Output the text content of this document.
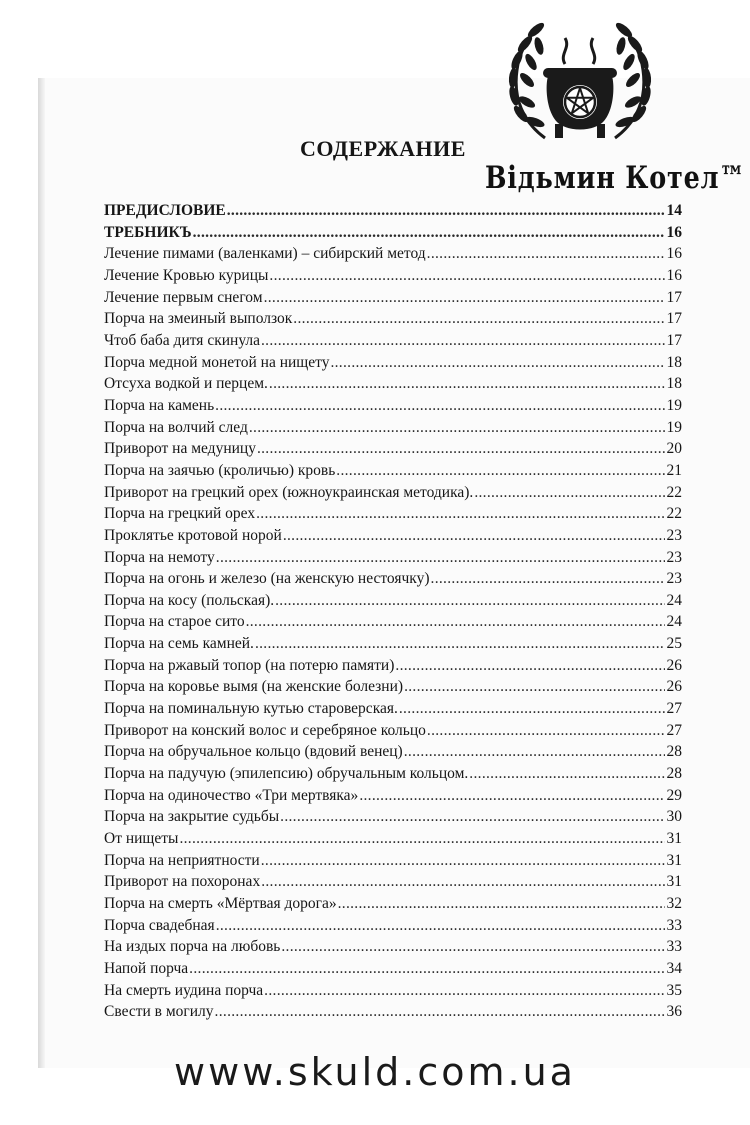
Відьмин Котел™
СОДЕРЖАНИЕ
ПРЕДИСЛОВИЕ .....	14
ТРЕБНИКЪ .....	16
Лечение пимами (валенками) – сибирский метод .....	16
Лечение Кровью курицы .....	16
Лечение первым снегом .....	17
Порча на змеиный выползок .....	17
Чтоб баба дитя скинула .....	17
Порча медной монетой на нищету .....	18
Отсуха водкой и перцем. .....	18
Порча на камень .....	19
Порча на волчий след .....	19
Приворот на медуницу .....	20
Порча на заячью (кроличью) кровь .....	21
Приворот на грецкий орех (южноукраинская методика). .....	22
Порча на грецкий орех .....	22
Проклятье кротовой норой .....	23
Порча на немоту .....	23
Порча на огонь и железо (на женскую нестоячку) .....	23
Порча на косу (польская). .....	24
Порча на старое сито .....	24
Порча на семь камней. .....	25
Порча на ржавый топор (на потерю памяти) .....	26
Порча на коровье вымя (на женские болезни) .....	26
Порча на поминальную кутью староверская. .....	27
Приворот на конский волос и серебряное кольцо .....	27
Порча на обручальное кольцо (вдовий венец) .....	28
Порча на падучую (эпилепсию) обручальным кольцом. .....	28
Порча на одиночество «Три мертвяка» .....	29
Порча на закрытие судьбы .....	30
От нищеты .....	31
Порча на неприятности .....	31
Приворот на похоронах .....	31
Порча на смерть «Мёртвая дорога» .....	32
Порча свадебная .....	33
На издых порча на любовь .....	33
Напой порча .....	34
На смерть иудина порча .....	35
Свести в могилу .....	36
www.skuld.com.ua
